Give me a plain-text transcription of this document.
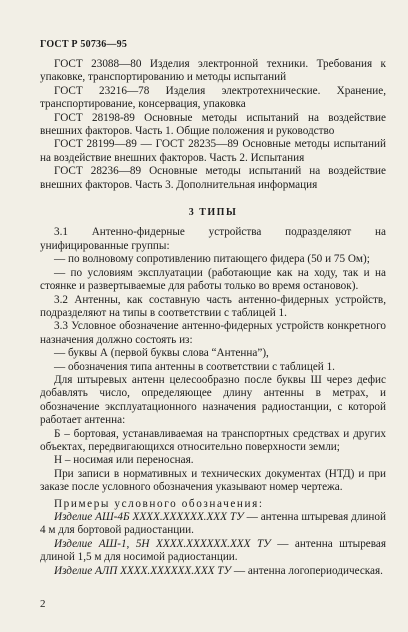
ГОСТ Р 50736—95

ГОСТ 23088—80 Изделия электронной техники. Требования к упаковке, транспортированию и методы испытаний

ГОСТ 23216—78 Изделия электротехнические. Хранение, транспортирование, консервация, упаковка

ГОСТ 28198-89 Основные методы испытаний на воздействие внешних факторов. Часть 1. Общие положения и руководство

ГОСТ 28199—89 — ГОСТ 28235—89 Основные методы испытаний на воздействие внешних факторов. Часть 2. Испытания

ГОСТ 28236—89 Основные методы испытаний на воздействие внешних факторов. Часть 3. Дополнительная информация

3 ТИПЫ

3.1 Антенно-фидерные устройства подразделяют на унифицированные группы:

— по волновому сопротивлению питающего фидера (50 и 75 Ом);

— по условиям эксплуатации (работающие как на ходу, так и на стоянке и развертываемые для работы только во время остановок).

3.2 Антенны, как составную часть антенно-фидерных устройств, подразделяют на типы в соответствии с таблицей 1.

3.3 Условное обозначение антенно-фидерных устройств конкретного назначения должно состоять из:

— буквы А (первой буквы слова “Антенна”),

— обозначения типа антенны в соответствии с таблицей 1.

Для штыревых антенн целесообразно после буквы Ш через дефис добавлять число, определяющее длину антенны в метрах, и обозначение эксплуатационного назначения радиостанции, с которой работает антенна:

Б – бортовая, устанавливаемая на транспортных средствах и других объектах, передвигающихся относительно поверхности земли;

Н – носимая или переносная.

При записи в нормативных и технических документах (НТД) и при заказе после условного обозначения указывают номер чертежа.

Примеры условного обозначения:

Изделие АШ-4Б ХХХХ.ХХХХХХ.ХХХ ТУ — антенна штыревая длиной 4 м для бортовой радиостанции.

Изделие АШ-1, 5Н ХХХХ.ХХХХХХ.ХХХ ТУ — антенна штыревая длиной 1,5 м для носимой радиостанции.

Изделие АЛП ХХХХ.ХХХХХХ.ХХХ ТУ — антенна логопериодическая.

2
